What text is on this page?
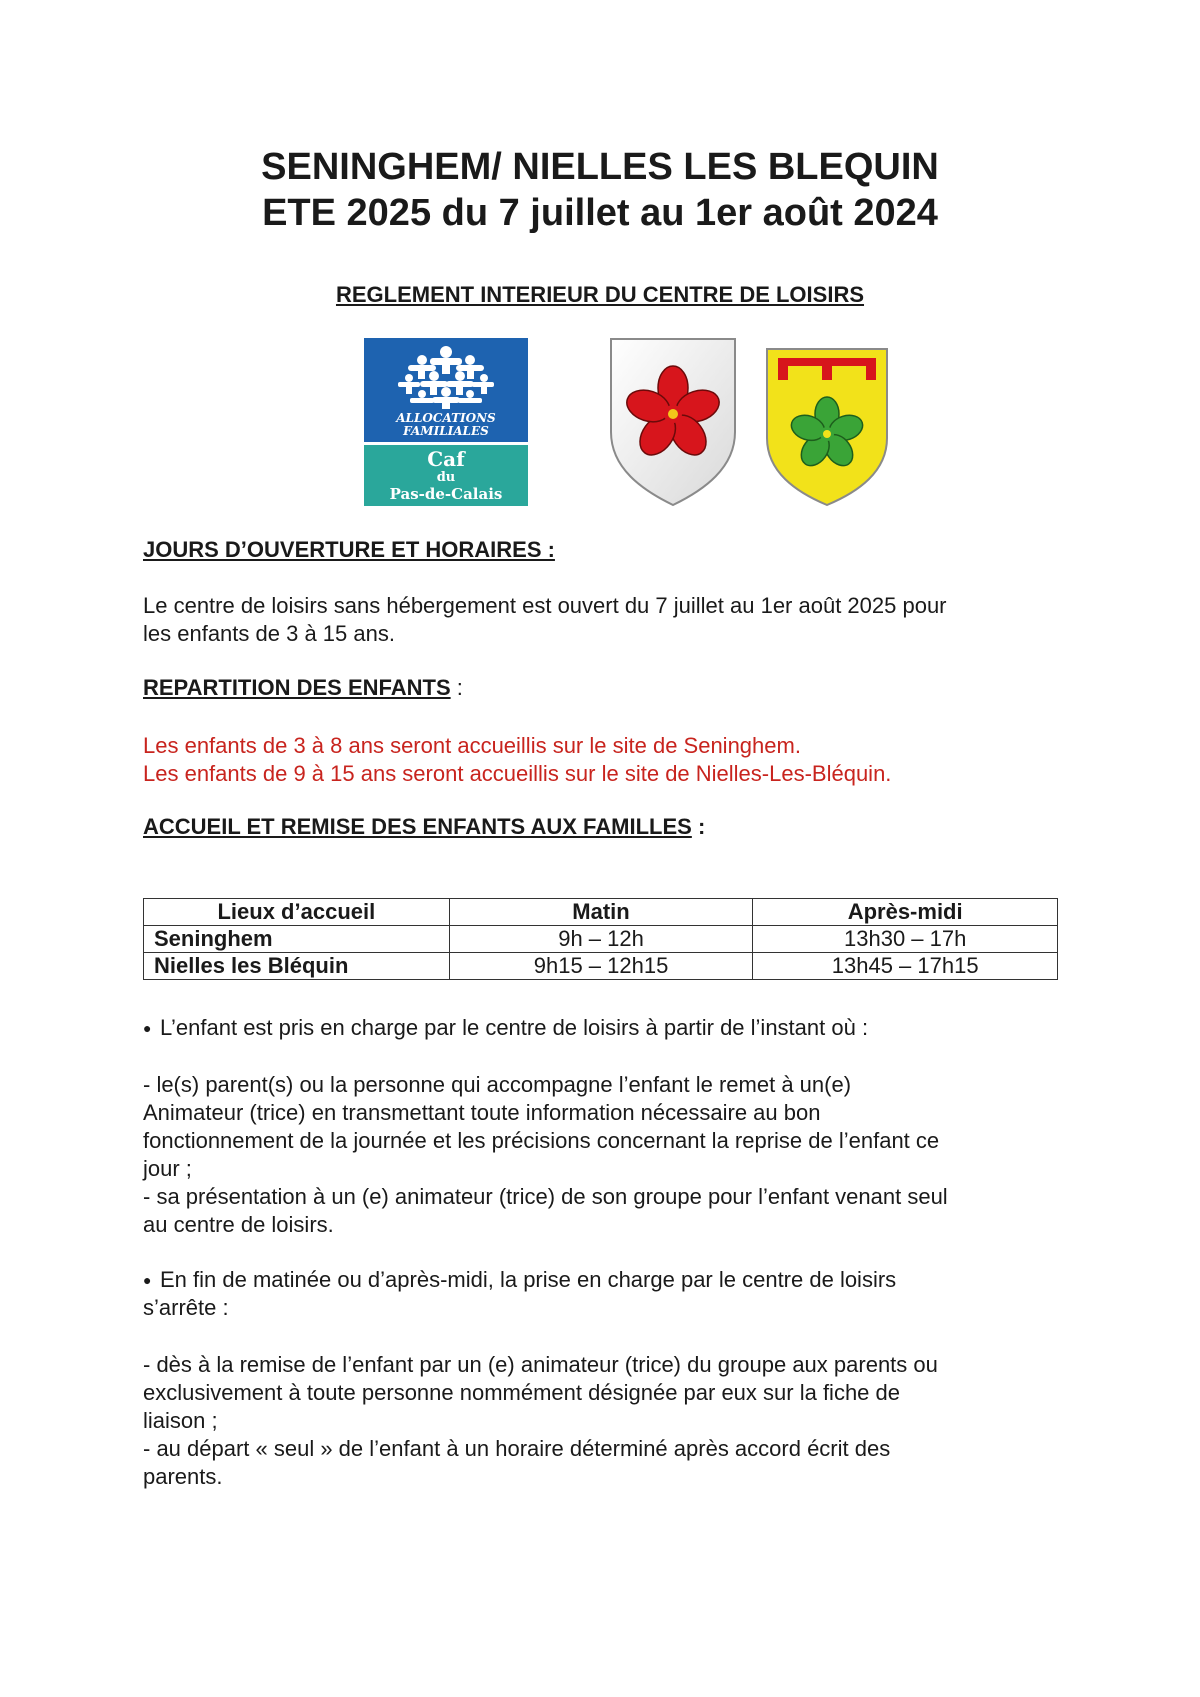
SENINGHEM/ NIELLES LES BLEQUIN
ETE 2025 du 7 juillet au 1er août 2024
REGLEMENT INTERIEUR DU CENTRE DE LOISIRS
ALLOCATIONS
FAMILIALES
Caf
du
Pas-de-Calais

JOURS D’OUVERTURE ET HORAIRES :

Le centre de loisirs sans hébergement est ouvert du 7 juillet au 1er août 2025 pour
les enfants de 3 à 15 ans.

REPARTITION DES ENFANTS :

Les enfants de 3 à 8 ans seront accueillis sur le site de Seninghem.
Les enfants de 9 à 15 ans seront accueillis sur le site de Nielles-Les-Bléquin.

ACCUEIL ET REMISE DES ENFANTS AUX FAMILLES :

Lieux d’accueil	Matin	Après-midi
Seninghem	9h – 12h	13h30 – 17h
Nielles les Bléquin	9h15 – 12h15	13h45 – 17h15

● L’enfant est pris en charge par le centre de loisirs à partir de l’instant où :

- le(s) parent(s) ou la personne qui accompagne l’enfant le remet à un(e)
Animateur (trice) en transmettant toute information nécessaire au bon
fonctionnement de la journée et les précisions concernant la reprise de l’enfant ce
jour ;
- sa présentation à un (e) animateur (trice) de son groupe pour l’enfant venant seul
au centre de loisirs.

● En fin de matinée ou d’après-midi, la prise en charge par le centre de loisirs
s’arrête :

- dès à la remise de l’enfant par un (e) animateur (trice) du groupe aux parents ou
exclusivement à toute personne nommément désignée par eux sur la fiche de
liaison ;
- au départ « seul » de l’enfant à un horaire déterminé après accord écrit des
parents.
